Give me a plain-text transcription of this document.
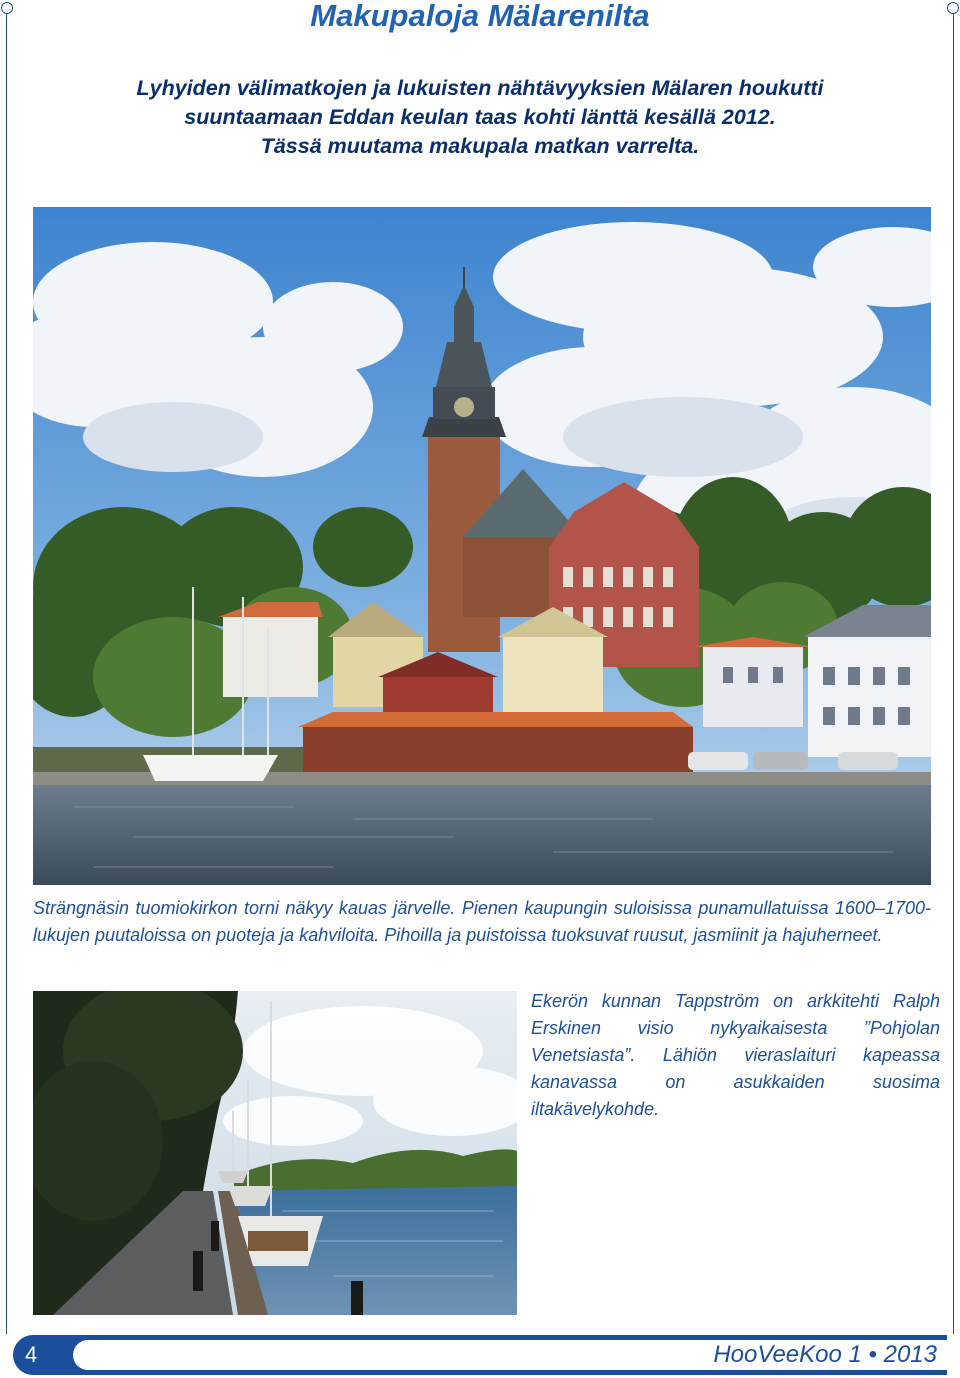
Makupaloja Mälarenilta
Lyhyiden välimatkojen ja lukuisten nähtävyyksien Mälaren houkutti
suuntaamaan Eddan keulan taas kohti länttä kesällä 2012.
Tässä muutama makupala matkan varrelta.
Strängnäsin tuomiokirkon torni näkyy kauas järvelle. Pienen kaupungin suloisissa punamullatuissa 1600–1700-lukujen puutaloissa on puoteja ja kahviloita. Pihoilla ja puistoissa tuoksuvat ruusut, jasmiinit ja hajuherneet.
Ekerön kunnan Tappström on arkkitehti Ralph Erskinen visio nykyaikaisesta ”Pohjolan Venetsiasta”. Lähiön vieraslaituri kapeassa kanavassa on asukkaiden suosima iltakävelykohde.
4	HooVeeKoo 1 • 2013
